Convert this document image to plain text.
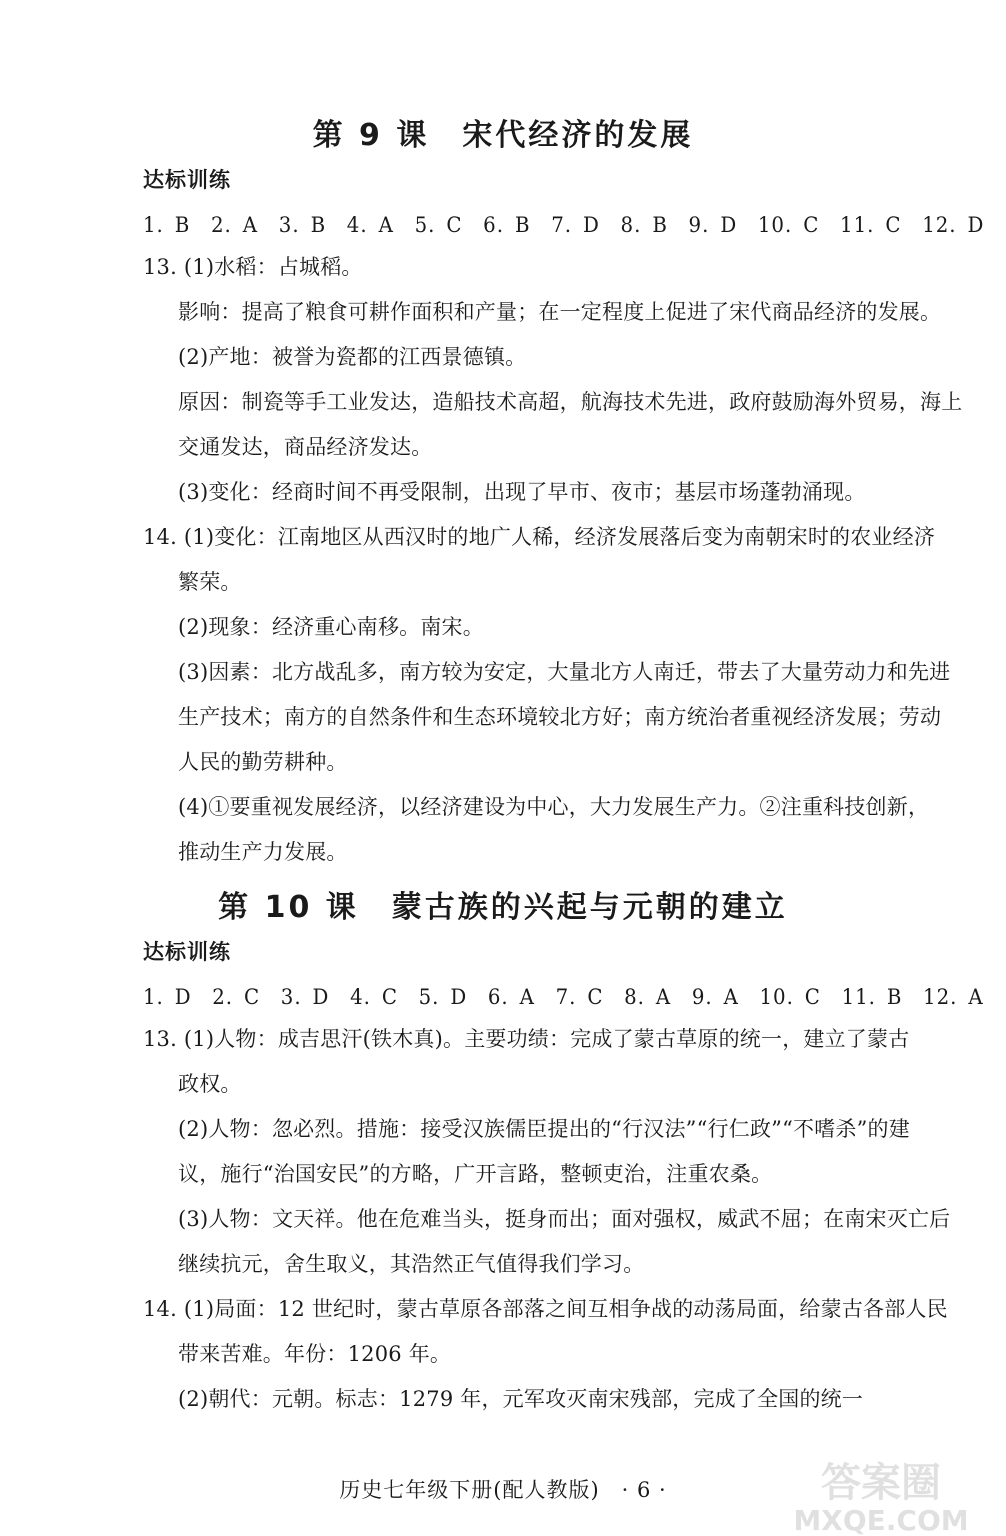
第 9 课　宋代经济的发展
达标训练
1. B　2. A　3. B　4. A　5. C　6. B　7. D　8. B　9. D　10. C　11. C　12. D
13. (1)水稻：占城稻。
影响：提高了粮食可耕作面积和产量；在一定程度上促进了宋代商品经济的发展。
(2)产地：被誉为瓷都的江西景德镇。
原因：制瓷等手工业发达，造船技术高超，航海技术先进，政府鼓励海外贸易，海上
交通发达，商品经济发达。
(3)变化：经商时间不再受限制，出现了早市、夜市；基层市场蓬勃涌现。
14. (1)变化：江南地区从西汉时的地广人稀，经济发展落后变为南朝宋时的农业经济
繁荣。
(2)现象：经济重心南移。南宋。
(3)因素：北方战乱多，南方较为安定，大量北方人南迁，带去了大量劳动力和先进
生产技术；南方的自然条件和生态环境较北方好；南方统治者重视经济发展；劳动
人民的勤劳耕种。
(4)①要重视发展经济，以经济建设为中心，大力发展生产力。②注重科技创新，
推动生产力发展。
第 10 课　蒙古族的兴起与元朝的建立
达标训练
1. D　2. C　3. D　4. C　5. D　6. A　7. C　8. A　9. A　10. C　11. B　12. A
13. (1)人物：成吉思汗(铁木真)。主要功绩：完成了蒙古草原的统一，建立了蒙古
政权。
(2)人物：忽必烈。措施：接受汉族儒臣提出的“行汉法”“行仁政”“不嗜杀”的建
议，施行“治国安民”的方略，广开言路，整顿吏治，注重农桑。
(3)人物：文天祥。他在危难当头，挺身而出；面对强权，威武不屈；在南宋灭亡后
继续抗元，舍生取义，其浩然正气值得我们学习。
14. (1)局面：12 世纪时，蒙古草原各部落之间互相争战的动荡局面，给蒙古各部人民
带来苦难。年份：1206 年。
(2)朝代：元朝。标志：1279 年，元军攻灭南宋残部，完成了全国的统一
历史七年级下册(配人教版)　· 6 ·	答案圈
MXQE.COM
